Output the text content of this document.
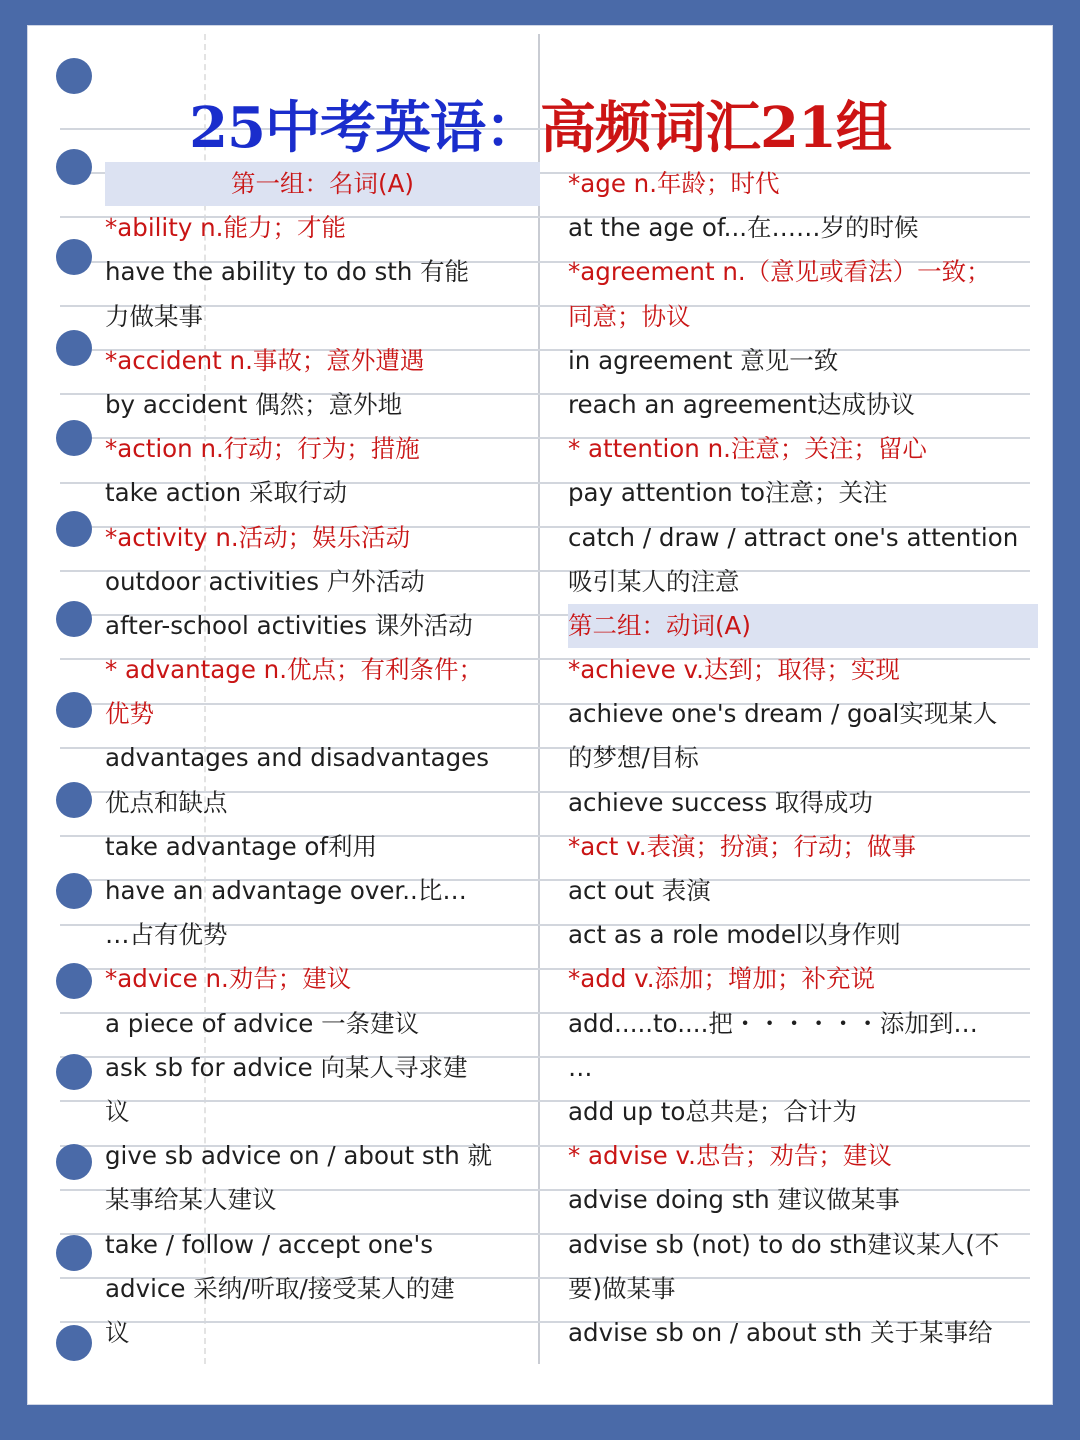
25中考英语：高频词汇21组
第一组：名词(A)
*ability n.能力；才能
have the ability to do sth 有能
力做某事
*accident n.事故；意外遭遇
by accident 偶然；意外地
*action n.行动；行为；措施
take action 采取行动
*activity n.活动；娱乐活动
outdoor activities 户外活动
after-school activities 课外活动
* advantage n.优点；有利条件；
优势
advantages and disadvantages
优点和缺点
take advantage of利用
have an advantage over..比…
…占有优势
*advice n.劝告；建议
a piece of advice 一条建议
ask sb for advice 向某人寻求建
议
give sb advice on / about sth 就
某事给某人建议
take / follow / accept one's
advice 采纳/听取/接受某人的建
议
*age n.年龄；时代
at the age of...在……岁的时候
*agreement n.（意见或看法）一致；
同意；协议
in agreement 意见一致
reach an agreement达成协议
* attention n.注意；关注；留心
pay attention to注意；关注
catch / draw / attract one's attention
吸引某人的注意
第二组：动词(A)
*achieve v.达到；取得；实现
achieve one's dream / goal实现某人
的梦想/目标
achieve success 取得成功
*act v.表演；扮演；行动；做事
act out 表演
act as a role model以身作则
*add v.添加；增加；补充说
add.....to....把・・・・・・添加到…
…
add up to总共是；合计为
* advise v.忠告；劝告；建议
advise doing sth 建议做某事
advise sb (not) to do sth建议某人(不
要)做某事
advise sb on / about sth 关于某事给
